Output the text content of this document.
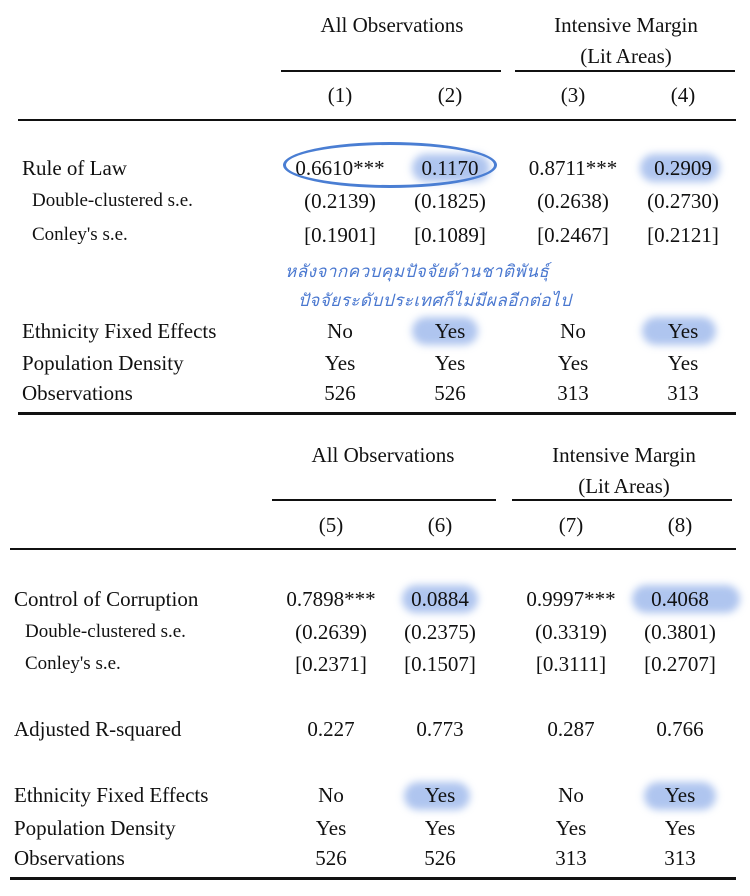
All Observations	Intensive Margin
(Lit Areas)
(1)	(2)	(3)	(4)
Rule of Law	0.6610*** 0.1170 0.8711*** 0.2909
Double-clustered s.e.	(0.2139) (0.1825) (0.2638) (0.2730)
Conley's s.e.	[0.1901] [0.1089] [0.2467] [0.2121]
หลังจากควบคุมปัจจัยด้านชาติพันธุ์
ปัจจัยระดับประเทศก็ไม่มีผลอีกต่อไป
Ethnicity Fixed Effects	No	Yes	No	Yes
Population Density	Yes	Yes	Yes	Yes
Observations	526	526	313	313
All Observations	Intensive Margin
(Lit Areas)
(5)	(6)	(7)	(8)
Control of Corruption	0.7898*** 0.0884	0.9997*** 0.4068
Double-clustered s.e.	(0.2639) (0.2375)	(0.3319) (0.3801)
Conley's s.e.	[0.2371] [0.1507]	[0.3111] [0.2707]
Adjusted R-squared	0.227	0.773	0.287	0.766
Ethnicity Fixed Effects	No	Yes	No	Yes
Population Density	Yes	Yes	Yes	Yes
Observations	526	526	313	313
